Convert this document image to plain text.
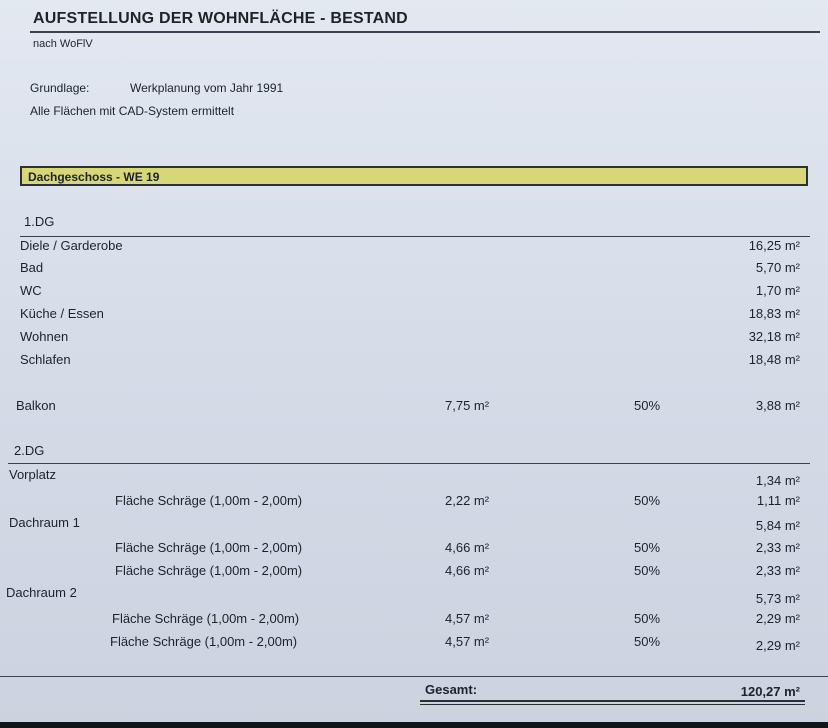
AUFSTELLUNG DER WOHNFLÄCHE - BESTAND
nach WoFlV
Grundlage:	Werkplanung vom Jahr 1991
Alle Flächen mit CAD-System ermittelt
Dachgeschoss - WE 19
1.DG
Diele / Garderobe	16,25 m²
Bad	5,70 m²
WC	1,70 m²
Küche / Essen	18,83 m²
Wohnen	32,18 m²
Schlafen	18,48 m²
Balkon	7,75 m²	50%	3,88 m²
2.DG
Vorplatz	1,34 m²
Fläche Schräge (1,00m - 2,00m)	2,22 m²	50%	1,11 m²
Dachraum 1	5,84 m²
Fläche Schräge (1,00m - 2,00m)	4,66 m²	50%	2,33 m²
Fläche Schräge (1,00m - 2,00m)	4,66 m²	50%	2,33 m²
Dachraum 2	5,73 m²
Fläche Schräge (1,00m - 2,00m)	4,57 m²	50%	2,29 m²
Fläche Schräge (1,00m - 2,00m)	4,57 m²	50%	2,29 m²
Gesamt:	120,27 m²
